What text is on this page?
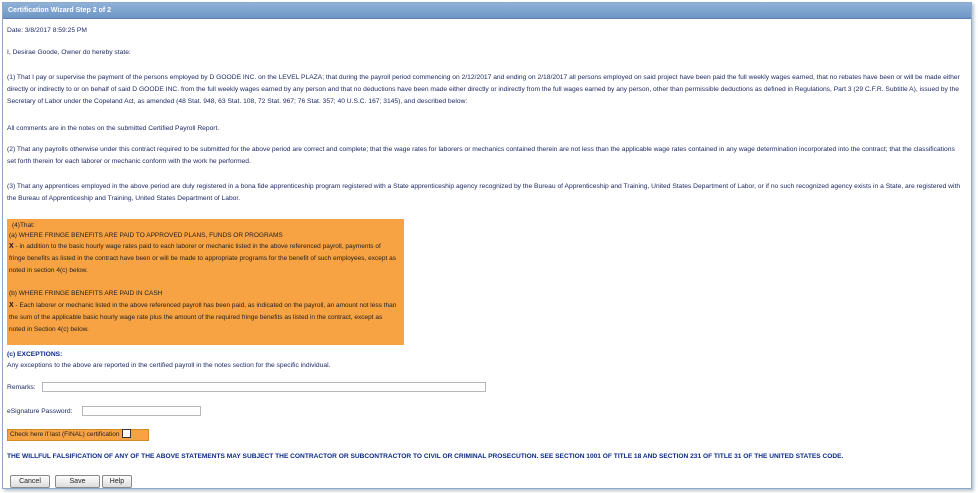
Certification Wizard Step 2 of 2
Date: 3/8/2017 8:59:25 PM
I, Desirae Goode, Owner do hereby state:
(1) That I pay or supervise the payment of the persons employed by D GOODE INC. on the LEVEL PLAZA; that during the payroll period commencing on 2/12/2017 and ending on 2/18/2017 all persons employed on said project have been paid the full weekly wages earned, that no rebates have been or will be made either directly or indirectly to or on behalf of said D GOODE INC. from the full weekly wages earned by any person and that no deductions have been made either directly or indirectly from the full wages earned by any person, other than permissible deductions as defined in Regulations, Part 3 (29 C.F.R. Subtitle A), issued by the Secretary of Labor under the Copeland Act, as amended (48 Stat. 948, 63 Stat. 108, 72 Stat. 967; 76 Stat. 357; 40 U.S.C. 167; 3145), and described below:
All comments are in the notes on the submitted Certified Payroll Report.
(2) That any payrolls otherwise under this contract required to be submitted for the above period are correct and complete; that the wage rates for laborers or mechanics contained therein are not less than the applicable wage rates contained in any wage determination incorporated into the contract; that the classifications set forth therein for each laborer or mechanic conform with the work he performed.
(3) That any apprentices employed in the above period are duly registered in a bona fide apprenticeship program registered with a State apprenticeship agency recognized by the Bureau of Apprenticeship and Training, United States Department of Labor, or if no such recognized agency exists in a State, are registered with the Bureau of Apprenticeship and Training, United States Department of Labor.
(4)That:
(a) WHERE FRINGE BENEFITS ARE PAID TO APPROVED PLANS, FUNDS OR PROGRAMS
X - in addition to the basic hourly wage rates paid to each laborer or mechanic listed in the above referenced payroll, payments of fringe benefits as listed in the contract have been or will be made to appropriate programs for the benefit of such employees, except as noted in section 4(c) below.
(b) WHERE FRINGE BENEFITS ARE PAID IN CASH
X - Each laborer or mechanic listed in the above referenced payroll has been paid, as indicated on the payroll, an amount not less than the sum of the applicable basic hourly wage rate plus the amount of the required fringe benefits as listed in the contract, except as noted in Section 4(c) below.
(c) EXCEPTIONS:
Any exceptions to the above are reported in the certified payroll in the notes section for the specific individual.
Remarks:
eSignature Password:
Check here if last (FINAL) certification
THE WILLFUL FALSIFICATION OF ANY OF THE ABOVE STATEMENTS MAY SUBJECT THE CONTRACTOR OR SUBCONTRACTOR TO CIVIL OR CRIMINAL PROSECUTION. SEE SECTION 1001 OF TITLE 18 AND SECTION 231 OF TITLE 31 OF THE UNITED STATES CODE.
Cancel	Save	Help
